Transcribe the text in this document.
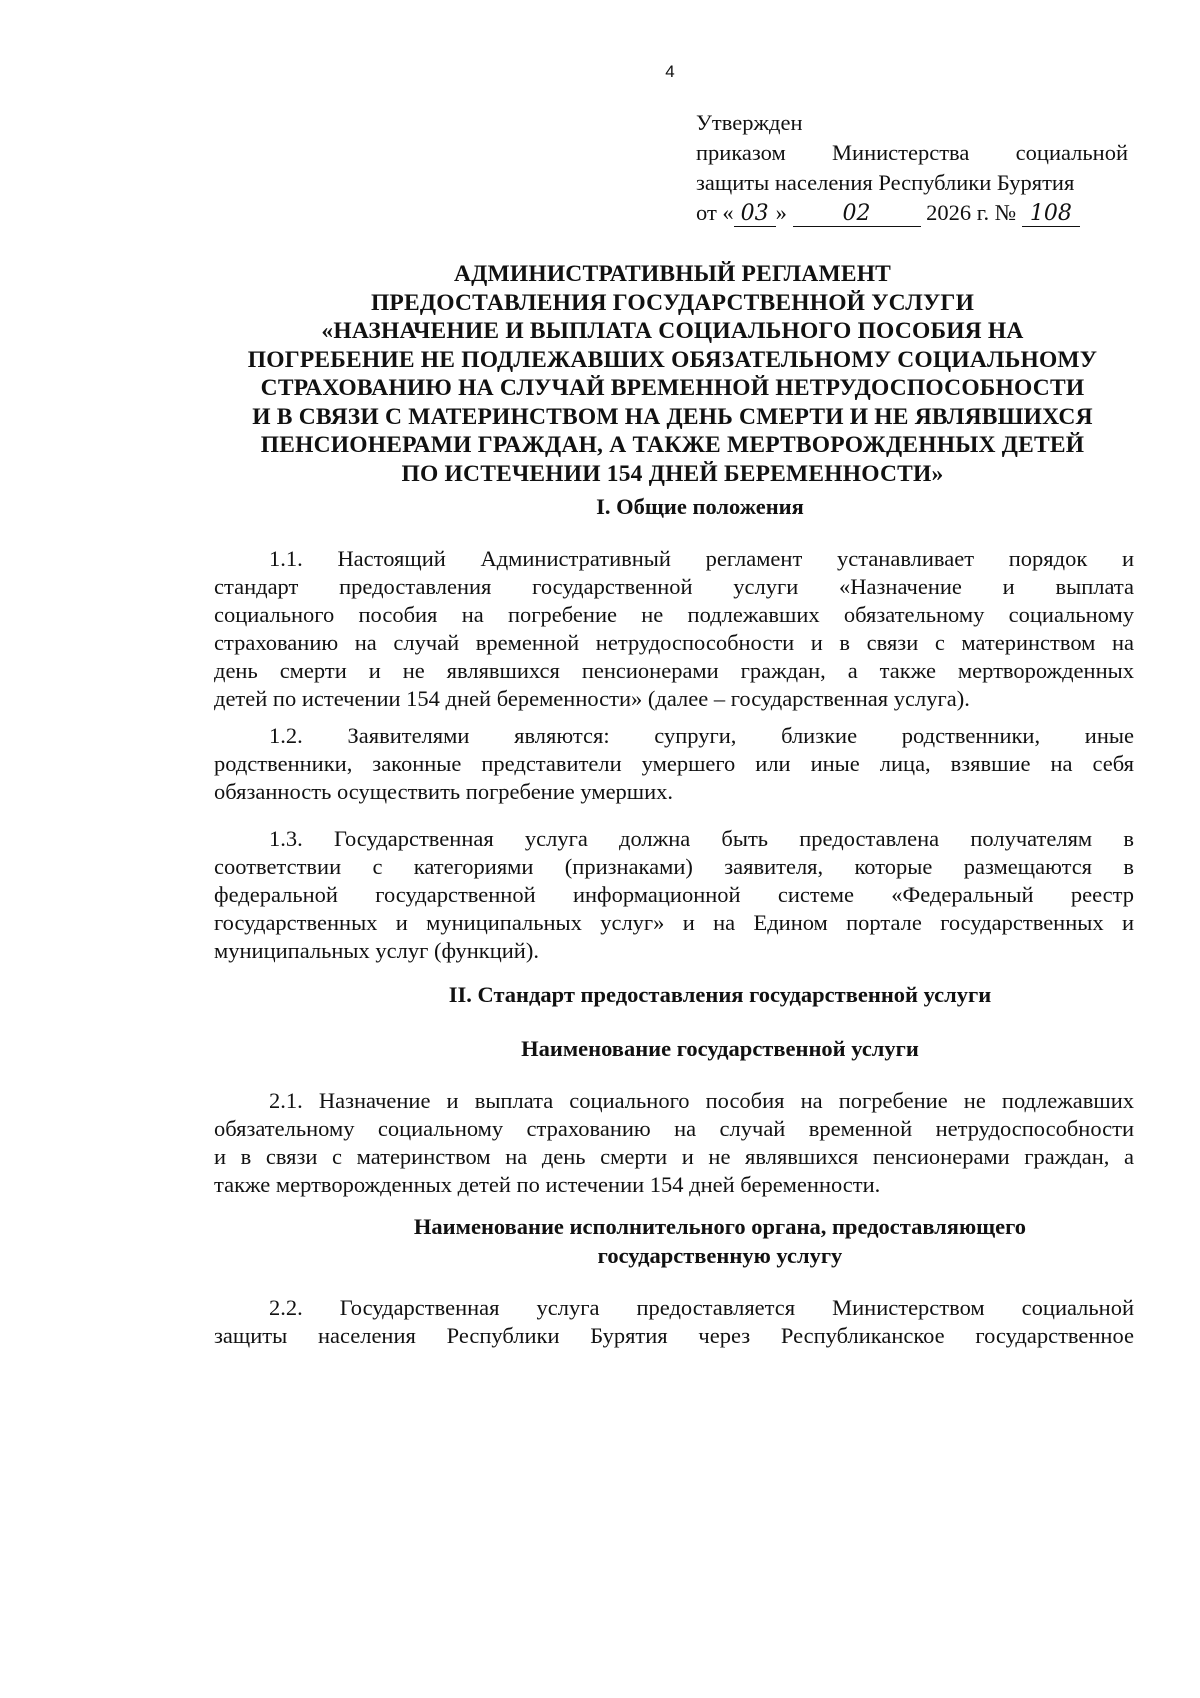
4
Утвержден
приказом Министерства социальной
защиты населения Республики Бурятия
от « 03 »	02 2026 г. № 108
АДМИНИСТРАТИВНЫЙ РЕГЛАМЕНТ
ПРЕДОСТАВЛЕНИЯ ГОСУДАРСТВЕННОЙ УСЛУГИ
«НАЗНАЧЕНИЕ И ВЫПЛАТА СОЦИАЛЬНОГО ПОСОБИЯ НА
ПОГРЕБЕНИЕ НЕ ПОДЛЕЖАВШИХ ОБЯЗАТЕЛЬНОМУ СОЦИАЛЬНОМУ
СТРАХОВАНИЮ НА СЛУЧАЙ ВРЕМЕННОЙ НЕТРУДОСПОСОБНОСТИ
И В СВЯЗИ С МАТЕРИНСТВОМ НА ДЕНЬ СМЕРТИ И НЕ ЯВЛЯВШИХСЯ
ПЕНСИОНЕРАМИ ГРАЖДАН, А ТАКЖЕ МЕРТВОРОЖДЕННЫХ ДЕТЕЙ
ПО ИСТЕЧЕНИИ 154 ДНЕЙ БЕРЕМЕННОСТИ»
I. Общие положения
1.1. Настоящий Административный регламент устанавливает порядок и
стандарт предоставления государственной услуги «Назначение и выплата
социального пособия на погребение не подлежавших обязательному социальному
страхованию на случай временной нетрудоспособности и в связи с материнством на
день смерти и не являвшихся пенсионерами граждан, а также мертворожденных
детей по истечении 154 дней беременности» (далее – государственная услуга).
1.2. Заявителями являются: супруги, близкие родственники, иные
родственники, законные представители умершего или иные лица, взявшие на себя
обязанность осуществить погребение умерших.
1.3. Государственная услуга должна быть предоставлена получателям в
соответствии с категориями (признаками) заявителя, которые размещаются в
федеральной государственной информационной системе «Федеральный реестр
государственных и муниципальных услуг» и на Едином портале государственных и
муниципальных услуг (функций).
II. Стандарт предоставления государственной услуги
Наименование государственной услуги
2.1. Назначение и выплата социального пособия на погребение не подлежавших
обязательному социальному страхованию на случай временной нетрудоспособности
и в связи с материнством на день смерти и не являвшихся пенсионерами граждан, а
также мертворожденных детей по истечении 154 дней беременности.
Наименование исполнительного органа, предоставляющего
государственную услугу
2.2. Государственная услуга предоставляется Министерством социальной
защиты населения Республики Бурятия через Республиканское государственное
